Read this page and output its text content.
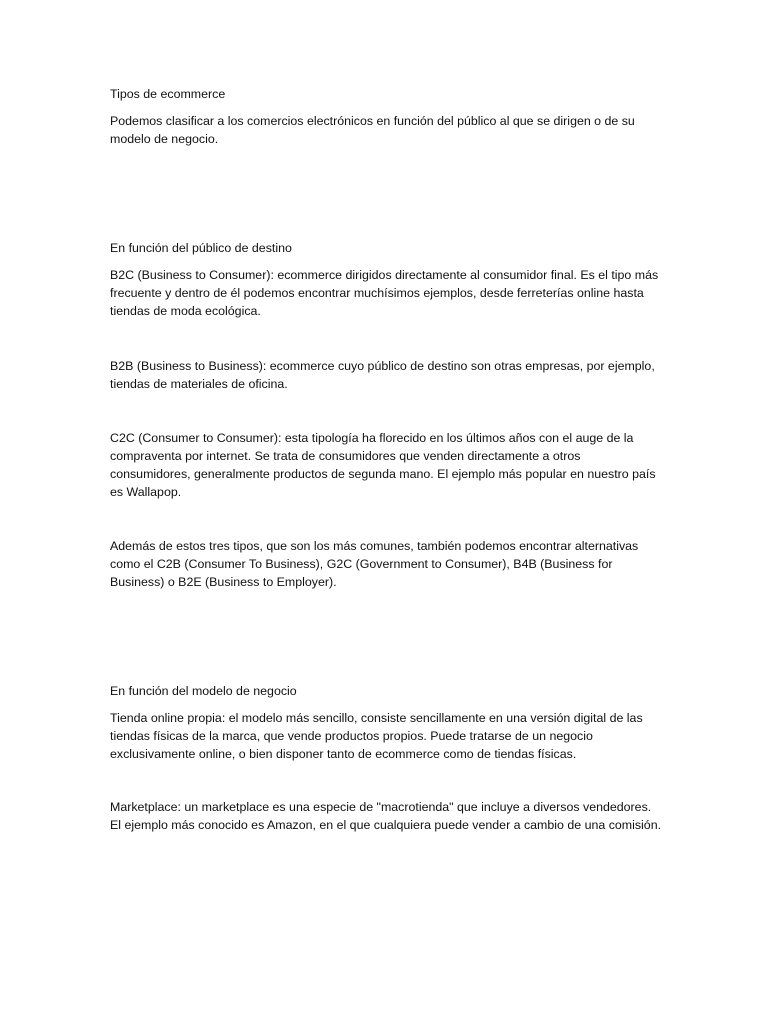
Tipos de ecommerce

Podemos clasificar a los comercios electrónicos en función del público al que se dirigen o de su modelo de negocio.

En función del público de destino

B2C (Business to Consumer): ecommerce dirigidos directamente al consumidor final. Es el tipo más frecuente y dentro de él podemos encontrar muchísimos ejemplos, desde ferreterías online hasta tiendas de moda ecológica.

B2B (Business to Business): ecommerce cuyo público de destino son otras empresas, por ejemplo, tiendas de materiales de oficina.

C2C (Consumer to Consumer): esta tipología ha florecido en los últimos años con el auge de la compraventa por internet. Se trata de consumidores que venden directamente a otros consumidores, generalmente productos de segunda mano. El ejemplo más popular en nuestro país es Wallapop.

Además de estos tres tipos, que son los más comunes, también podemos encontrar alternativas como el C2B (Consumer To Business), G2C (Government to Consumer), B4B (Business for Business) o B2E (Business to Employer).

En función del modelo de negocio

Tienda online propia: el modelo más sencillo, consiste sencillamente en una versión digital de las tiendas físicas de la marca, que vende productos propios. Puede tratarse de un negocio exclusivamente online, o bien disponer tanto de ecommerce como de tiendas físicas.

Marketplace: un marketplace es una especie de "macrotienda" que incluye a diversos vendedores. El ejemplo más conocido es Amazon, en el que cualquiera puede vender a cambio de una comisión.
